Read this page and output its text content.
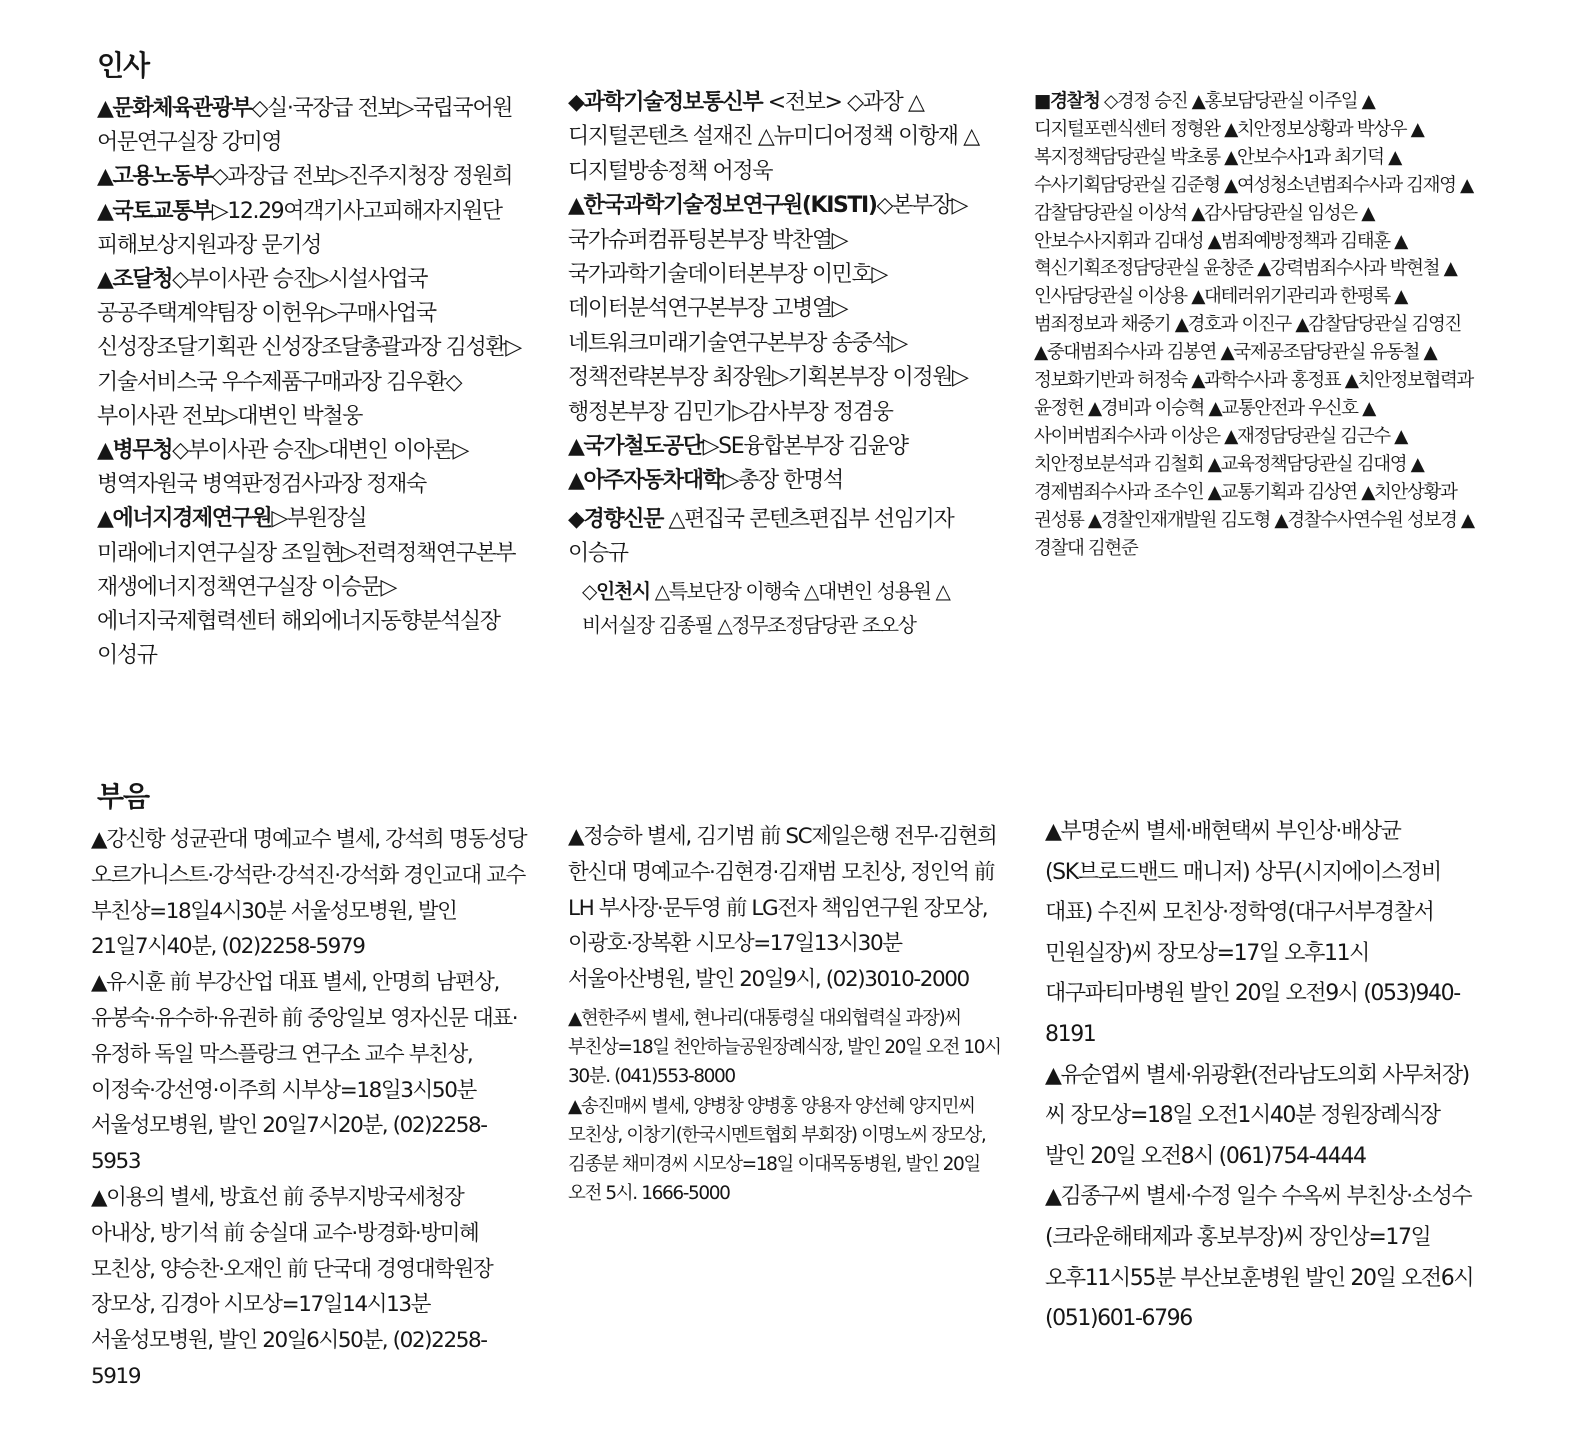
인사

▲문화체육관광부◇실·국장급 전보▷국립국어원 어문연구실장 강미영

▲고용노동부◇과장급 전보▷진주지청장 정원희

▲국토교통부▷12.29여객기사고피해자지원단 피해보상지원과장 문기성

▲조달청◇부이사관 승진▷시설사업국 공공주택계약팀장 이헌우▷구매사업국 신성장조달기획관 신성장조달총괄과장 김성환▷기술서비스국 우수제품구매과장 김우환◇부이사관 전보▷대변인 박철웅

▲병무청◇부이사관 승진▷대변인 이아론▷병역자원국 병역판정검사과장 정재숙

▲에너지경제연구원▷부원장실 미래에너지연구실장 조일현▷전력정책연구본부 재생에너지정책연구실장 이승문▷에너지국제협력센터 해외에너지동향분석실장 이성규

◆과학기술정보통신부 <전보> ◇과장 △디지털콘텐츠 설재진 △뉴미디어정책 이항재 △디지털방송정책 어정욱

▲한국과학기술정보연구원(KISTI)◇본부장▷국가슈퍼컴퓨팅본부장 박찬열▷국가과학기술데이터본부장 이민호▷데이터분석연구본부장 고병열▷네트워크미래기술연구본부장 송중석▷정책전략본부장 최장원▷기획본부장 이정원▷행정본부장 김민기▷감사부장 정겸웅

▲국가철도공단▷SE융합본부장 김윤양

▲아주자동차대학▷총장 한명석

◆경향신문 △편집국 콘텐츠편집부 선임기자 이승규

◇인천시 △특보단장 이행숙 △대변인 성용원 △비서실장 김종필 △정무조정담당관 조오상

■경찰청 ◇경정 승진 ▲홍보담당관실 이주일 ▲디지털포렌식센터 정형완 ▲치안정보상황과 박상우 ▲복지정책담당관실 박초롱 ▲안보수사1과 최기덕 ▲수사기획담당관실 김준형 ▲여성청소년범죄수사과 김재영 ▲감찰담당관실 이상석 ▲감사담당관실 임성은 ▲안보수사지휘과 김대성 ▲범죄예방정책과 김태훈 ▲혁신기획조정담당관실 윤창준 ▲강력범죄수사과 박현철 ▲인사담당관실 이상용 ▲대테러위기관리과 한평록 ▲범죄정보과 채중기 ▲경호과 이진구 ▲감찰담당관실 김영진 ▲중대범죄수사과 김봉연 ▲국제공조담당관실 유동철 ▲정보화기반과 허정숙 ▲과학수사과 홍정표 ▲치안정보협력과 윤정헌 ▲경비과 이승혁 ▲교통안전과 우신호 ▲사이버범죄수사과 이상은 ▲재정담당관실 김근수 ▲치안정보분석과 김철회 ▲교육정책담당관실 김대영 ▲경제범죄수사과 조수인 ▲교통기획과 김상연 ▲치안상황과 권성룡 ▲경찰인재개발원 김도형 ▲경찰수사연수원 성보경 ▲경찰대 김현준

부음

▲강신항 성균관대 명예교수 별세, 강석희 명동성당 오르가니스트·강석란·강석진·강석화 경인교대 교수 부친상=18일4시30분 서울성모병원, 발인 21일7시40분, (02)2258-5979

▲유시훈 前 부강산업 대표 별세, 안명희 남편상, 유봉숙·유수하·유권하 前 중앙일보 영자신문 대표·유정하 독일 막스플랑크 연구소 교수 부친상, 이정숙·강선영·이주희 시부상=18일3시50분 서울성모병원, 발인 20일7시20분, (02)2258-5953

▲이용의 별세, 방효선 前 중부지방국세청장 아내상, 방기석 前 숭실대 교수·방경화·방미혜 모친상, 양승찬·오재인 前 단국대 경영대학원장 장모상, 김경아 시모상=17일14시13분 서울성모병원, 발인 20일6시50분, (02)2258-5919

▲정승하 별세, 김기범 前 SC제일은행 전무·김현희 한신대 명예교수·김현경·김재범 모친상, 정인억 前 LH 부사장·문두영 前 LG전자 책임연구원 장모상, 이광호·장복환 시모상=17일13시30분 서울아산병원, 발인 20일9시, (02)3010-2000

▲현한주씨 별세, 현나리(대통령실 대외협력실 과장)씨 부친상=18일 천안하늘공원장례식장, 발인 20일 오전 10시 30분. (041)553-8000

▲송진매씨 별세, 양병창 양병홍 양용자 양선혜 양지민씨 모친상, 이창기(한국시멘트협회 부회장) 이명노씨 장모상, 김종분 채미경씨 시모상=18일 이대목동병원, 발인 20일 오전 5시. 1666-5000

▲부명순씨 별세·배현택씨 부인상·배상균(SK브로드밴드 매니저) 상무(시지에이스정비 대표) 수진씨 모친상·정학영(대구서부경찰서 민원실장)씨 장모상=17일 오후11시 대구파티마병원 발인 20일 오전9시 (053)940-8191

▲유순엽씨 별세·위광환(전라남도의회 사무처장)씨 장모상=18일 오전1시40분 정원장례식장 발인 20일 오전8시 (061)754-4444

▲김종구씨 별세·수정 일수 수옥씨 부친상·소성수(크라운해태제과 홍보부장)씨 장인상=17일 오후11시55분 부산보훈병원 발인 20일 오전6시 (051)601-6796
